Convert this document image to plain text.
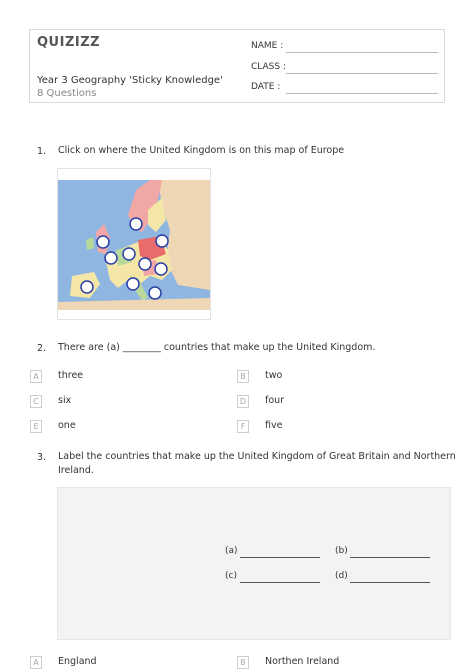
QUIZIZZ
Year 3 Geography 'Sticky Knowledge'
8 Questions
NAME :
CLASS :
DATE :
1. Click on where the United Kingdom is on this map of Europe
2. There are (a) ________ countries that make up the United Kingdom.
A	three	B	two
C	six	D	four
E	one	F	five
3. Label the countries that make up the United Kingdom of Great Britain and Northern
Ireland.
(a)	(b)
(c)	(d)
A	England	B	Northen Ireland
